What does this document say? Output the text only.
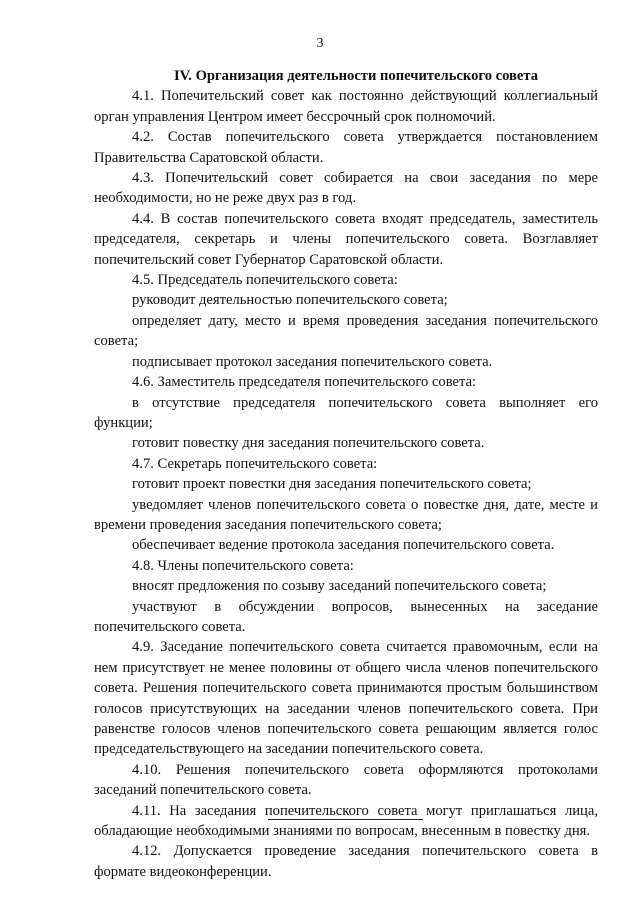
3

IV. Организация деятельности попечительского совета

4.1. Попечительский совет как постоянно действующий коллегиальный орган управления Центром имеет бессрочный срок полномочий.

4.2. Состав попечительского совета утверждается постановлением Правительства Саратовской области.

4.3. Попечительский совет собирается на свои заседания по мере необходимости, но не реже двух раз в год.

4.4. В состав попечительского совета входят председатель, заместитель председателя, секретарь и члены попечительского совета. Возглавляет попечительский совет Губернатор Саратовской области.

4.5. Председатель попечительского совета:

руководит деятельностью попечительского совета;

определяет дату, место и время проведения заседания попечительского совета;

подписывает протокол заседания попечительского совета.

4.6. Заместитель председателя попечительского совета:

в отсутствие председателя попечительского совета выполняет его функции;

готовит повестку дня заседания попечительского совета.

4.7. Секретарь попечительского совета:

готовит проект повестки дня заседания попечительского совета;

уведомляет членов попечительского совета о повестке дня, дате, месте и времени проведения заседания попечительского совета;

обеспечивает ведение протокола заседания попечительского совета.

4.8. Члены попечительского совета:

вносят предложения по созыву заседаний попечительского совета;

участвуют в обсуждении вопросов, вынесенных на заседание попечительского совета.

4.9. Заседание попечительского совета считается правомочным, если на нем присутствует не менее половины от общего числа членов попечительского совета. Решения попечительского совета принимаются простым большинством голосов присутствующих на заседании членов попечительского совета. При равенстве голосов членов попечительского совета решающим является голос председательствующего на заседании попечительского совета.

4.10. Решения попечительского совета оформляются протоколами заседаний попечительского совета.

4.11. На заседания попечительского совета могут приглашаться лица, обладающие необходимыми знаниями по вопросам, внесенным в повестку дня.

4.12. Допускается проведение заседания попечительского совета в формате видеоконференции.
